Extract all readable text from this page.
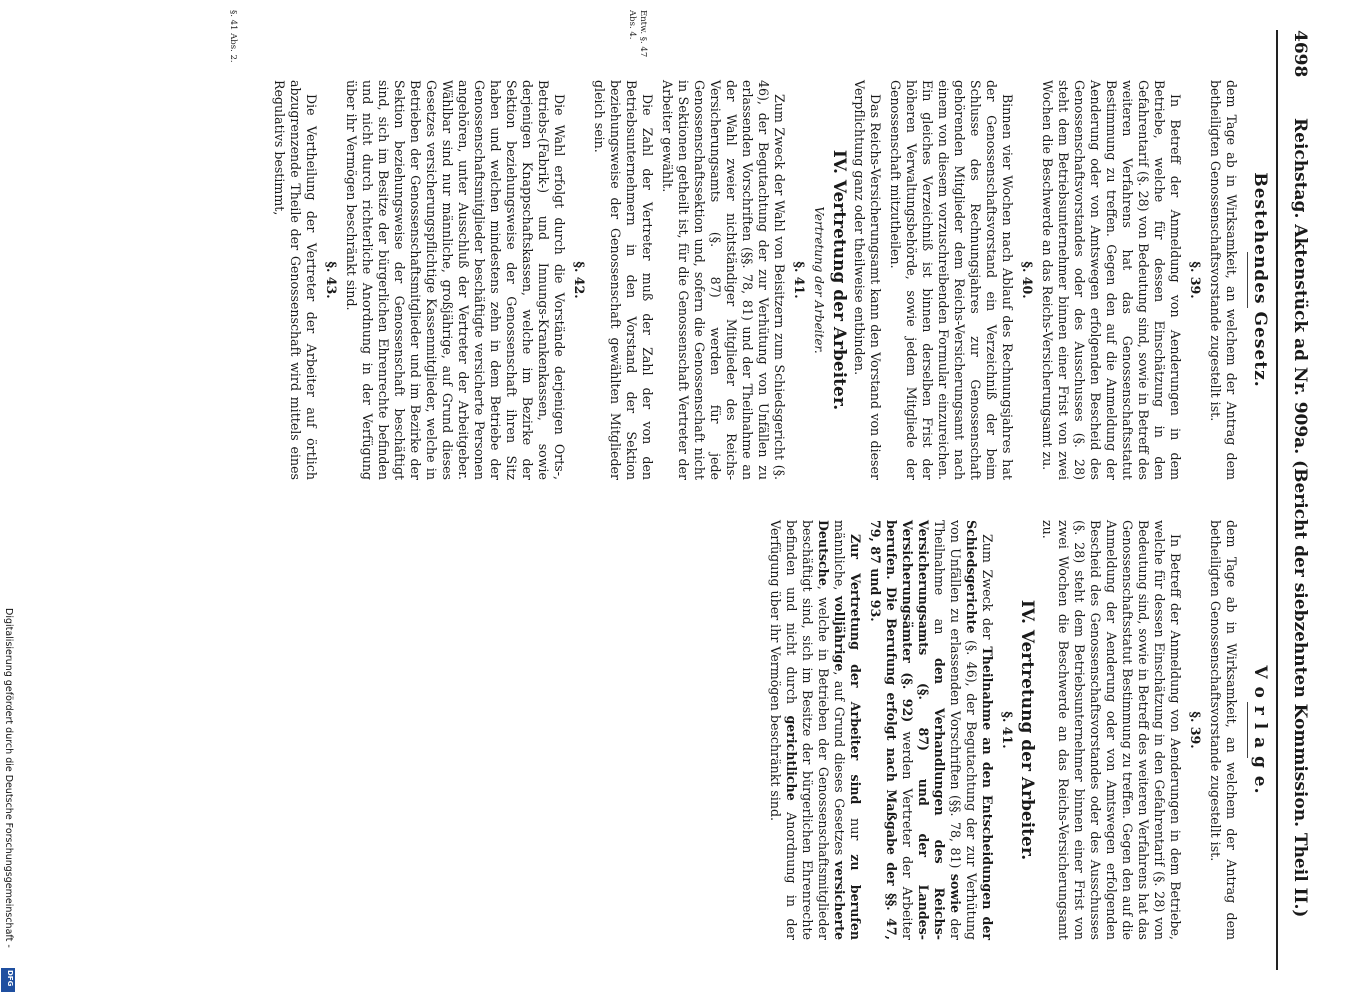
4698
Reichstag. Aktenstück ad Nr. 909a. (Bericht der siebzehnten Kommission. Theil II.)
Entw. §. 47 Abs. 4.
§. 41 Abs. 2.

Bestehendes Gesetz.

dem Tage ab in Wirksamkeit, an welchem der Antrag dem betheiligten Genossenschaftsvorstande zugestellt ist.

§. 39.

In Betreff der Anmeldung von Aenderungen in dem Betriebe, welche für dessen Einschätzung in den Gefahrentarif (§. 28) von Bedeutung sind, sowie in Betreff des weiteren Verfahrens hat das Genossenschaftsstatut Bestimmung zu treffen. Gegen den auf die Anmeldung der Aenderung oder von Amtswegen erfolgenden Bescheid des Genossenschaftsvorstandes oder des Ausschusses (§. 28) steht dem Betriebsunternehmer binnen einer Frist von zwei Wochen die Beschwerde an das Reichs-Versicherungsamt zu.

§. 40.

Binnen vier Wochen nach Ablauf des Rechnungsjahres hat der Genossenschaftsvorstand ein Verzeichniß der beim Schlusse des Rechnungsjahres zur Genossenschaft gehörenden Mitglieder dem Reichs-Versicherungsamt nach einem von diesem vorzuschreibenden Formular einzureichen. Ein gleiches Verzeichniß ist binnen derselben Frist der höheren Verwaltungsbehörde, sowie jedem Mitgliede der Genossenschaft mitzutheilen.

Das Reichs-Versicherungsamt kann den Vorstand von dieser Verpflichtung ganz oder theilweise entbinden.

IV. Vertretung der Arbeiter.

Vertretung der Arbeiter.

§. 41.

Zum Zweck der Wahl von Beisitzern zum Schiedsgericht (§. 46), der Begutachtung der zur Verhütung von Unfällen zu erlassenden Vorschriften (§§. 78, 81) und der Theilnahme an der Wahl zweier nichtständiger Mitglieder des Reichs-Versicherungsamts (§. 87) werden für jede Genossenschaftssektion und, sofern die Genossenschaft nicht in Sektionen getheilt ist, für die Genossenschaft Vertreter der Arbeiter gewählt.

Die Zahl der Vertreter muß der Zahl der von den Betriebsunternehmern in den Vorstand der Sektion beziehungsweise der Genossenschaft gewählten Mitglieder gleich sein.

§. 42.

Die Wahl erfolgt durch die Vorstände derjenigen Orts-, Betriebs-(Fabrik-) und Innungs-Krankenkassen, sowie derjenigen Knappschaftskassen, welche im Bezirke der Sektion beziehungsweise der Genossenschaft ihren Sitz haben und welchen mindestens zehn in dem Betriebe der Genossenschaftsmitglieder beschäftigte versicherte Personen angehören, unter Ausschluß der Vertreter der Arbeitgeber. Wählbar sind nur männliche, großjährige, auf Grund dieses Gesetzes versicherungspflichtige Kassenmitglieder, welche in Betrieben der Genossenschaftsmitglieder und im Bezirke der Sektion beziehungsweise der Genossenschaft beschäftigt sind, sich im Besitze der bürgerlichen Ehrenrechte befinden und nicht durch richterliche Anordnung in der Verfügung über ihr Vermögen beschränkt sind.

§. 43.

Die Vertheilung der Vertreter der Arbeiter auf örtlich abzugrenzende Theile der Genossenschaft wird mittels eines Regulativs bestimmt,

V o r l a g e.

dem Tage ab in Wirksamkeit, an welchem der Antrag dem betheiligten Genossenschaftsvorstande zugestellt ist.

§. 39.

In Betreff der Anmeldung von Aenderungen in dem Betriebe, welche für dessen Einschätzung in den Gefahrentarif (§. 28) von Bedeutung sind, sowie in Betreff des weiteren Verfahrens hat das Genossenschaftsstatut Bestimmung zu treffen. Gegen den auf die Anmeldung der Aenderung oder von Amtswegen erfolgenden Bescheid des Genossenschaftsvorstandes oder des Ausschusses (§. 28) steht dem Betriebsunternehmer binnen einer Frist von zwei Wochen die Beschwerde an das Reichs-Versicherungsamt zu.

IV. Vertretung der Arbeiter.

§. 41.

Zum Zweck der Theilnahme an den Entscheidungen der Schiedsgerichte (§. 46), der Begutachtung der zur Verhütung von Unfällen zu erlassenden Vorschriften (§§. 78, 81) sowie der Theilnahme an den Verhandlungen des Reichs-Versicherungsamts (§. 87) und der Landes-Versicherungsämter (§. 92) werden Vertreter der Arbeiter berufen. Die Berufung erfolgt nach Maßgabe der §§. 47, 79, 87 und 93.

Zur Vertretung der Arbeiter sind nur zu berufen männliche, volljährige, auf Grund dieses Gesetzes versicherte Deutsche, welche in Betrieben der Genossenschaftsmitglieder beschäftigt sind, sich im Besitze der bürgerlichen Ehrenrechte befinden und nicht durch gerichtliche Anordnung in der Verfügung über ihr Vermögen beschränkt sind.

Digitalisierung gefördert durch die Deutsche Forschungsgemeinschaft -
DFG
